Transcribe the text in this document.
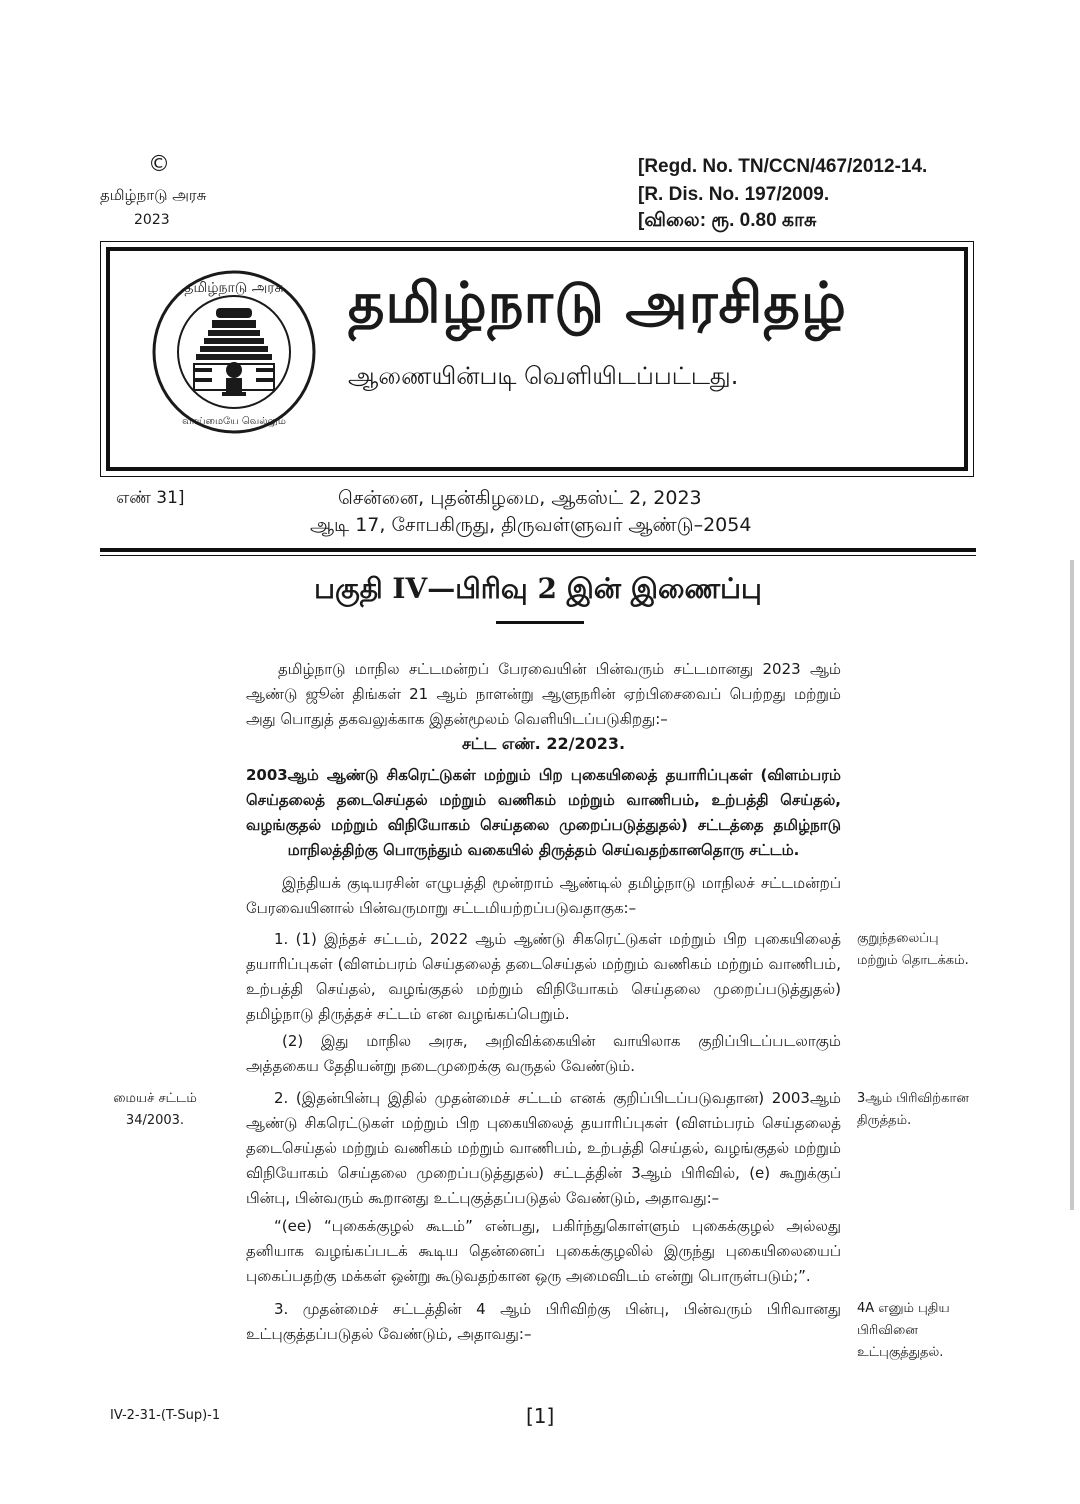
©
தமிழ்நாடு அரசு
2023
[Regd. No. TN/CCN/467/2012-14.
[R. Dis. No. 197/2009.
[விலை: ரூ. 0.80 காசு
தமிழ்நாடு அரசு
வாய்மையே வெல்லும்
தமிழ்நாடு அரசிதழ்
ஆணையின்படி வெளியிடப்பட்டது.
எண் 31]	சென்னை, புதன்கிழமை, ஆகஸ்ட் 2, 2023
ஆடி 17, சோபகிருது, திருவள்ளுவர் ஆண்டு–2054
பகுதி IV—பிரிவு 2 இன் இணைப்பு
தமிழ்நாடு மாநில சட்டமன்றப் பேரவையின் பின்வரும் சட்டமானது 2023 ஆம் ஆண்டு ஜூன் திங்கள் 21 ஆம் நாளன்று ஆளுநரின் ஏற்பிசைவைப் பெற்றது மற்றும் அது பொதுத் தகவலுக்காக இதன்மூலம் வெளியிடப்படுகிறது:–
சட்ட எண். 22/2023.
2003ஆம் ஆண்டு சிகரெட்டுகள் மற்றும் பிற புகையிலைத் தயாரிப்புகள் (விளம்பரம் செய்தலைத் தடைசெய்தல் மற்றும் வணிகம் மற்றும் வாணிபம், உற்பத்தி செய்தல், வழங்குதல் மற்றும் விநியோகம் செய்தலை முறைப்படுத்துதல்) சட்டத்தை தமிழ்நாடு மாநிலத்திற்கு பொருந்தும் வகையில் திருத்தம் செய்வதற்கானதொரு சட்டம்.
இந்தியக் குடியரசின் எழுபத்தி மூன்றாம் ஆண்டில் தமிழ்நாடு மாநிலச் சட்டமன்றப் பேரவையினால் பின்வருமாறு சட்டமியற்றப்படுவதாகுக:–
1. (1) இந்தச் சட்டம், 2022 ஆம் ஆண்டு சிகரெட்டுகள் மற்றும் பிற புகையிலைத் தயாரிப்புகள் (விளம்பரம் செய்தலைத் தடைசெய்தல் மற்றும் வணிகம் மற்றும் வாணிபம், உற்பத்தி செய்தல், வழங்குதல் மற்றும் விநியோகம் செய்தலை முறைப்படுத்துதல்) தமிழ்நாடு திருத்தச் சட்டம் என வழங்கப்பெறும்.
(2) இது மாநில அரசு, அறிவிக்கையின் வாயிலாக குறிப்பிடப்படலாகும் அத்தகைய தேதியன்று நடைமுறைக்கு வருதல் வேண்டும்.
2. (இதன்பின்பு இதில் முதன்மைச் சட்டம் எனக் குறிப்பிடப்படுவதான) 2003ஆம் ஆண்டு சிகரெட்டுகள் மற்றும் பிற புகையிலைத் தயாரிப்புகள் (விளம்பரம் செய்தலைத் தடைசெய்தல் மற்றும் வணிகம் மற்றும் வாணிபம், உற்பத்தி செய்தல், வழங்குதல் மற்றும் விநியோகம் செய்தலை முறைப்படுத்துதல்) சட்டத்தின் 3ஆம் பிரிவில், (e) கூறுக்குப் பின்பு, பின்வரும் கூறானது உட்புகுத்தப்படுதல் வேண்டும், அதாவது:–
“(ee) “புகைக்குழல் கூடம்” என்பது, பகிர்ந்துகொள்ளும் புகைக்குழல் அல்லது தனியாக வழங்கப்படக் கூடிய தென்னைப் புகைக்குழலில் இருந்து புகையிலையைப் புகைப்பதற்கு மக்கள் ஒன்று கூடுவதற்கான ஒரு அமைவிடம் என்று பொருள்படும்;”.
3. முதன்மைச் சட்டத்தின் 4 ஆம் பிரிவிற்கு பின்பு, பின்வரும் பிரிவானது உட்புகுத்தப்படுதல் வேண்டும், அதாவது:–
குறுந்தலைப்பு மற்றும் தொடக்கம்.
மையச் சட்டம் 34/2003.
3ஆம் பிரிவிற்கான திருத்தம்.
4A எனும் புதிய பிரிவினை உட்புகுத்துதல்.
IV-2-31-(T-Sup)-1	[1]
